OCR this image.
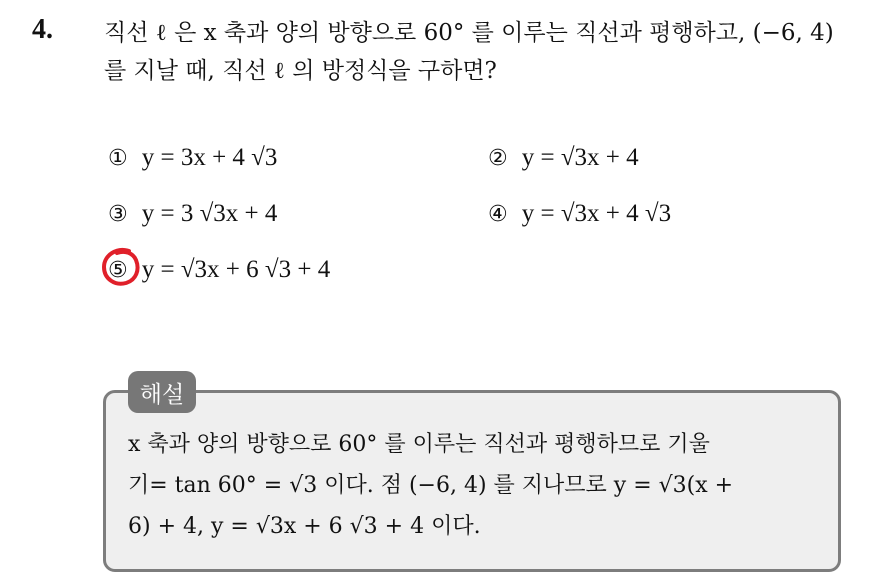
4. 직선 ℓ 은 x 축과 양의 방향으로 60° 를 이루는 직선과 평행하고, (−6, 4)
를 지날 때, 직선 ℓ 의 방정식을 구하면?
① y = 3x + 4 √3	② y = √3x + 4
③ y = 3 √3x + 4	④ y = √3x + 4 √3
⑤ y = √3x + 6 √3 + 4
해설
x 축과 양의 방향으로 60° 를 이루는 직선과 평행하므로 기울
기= tan 60° = √3 이다. 점 (−6, 4) 를 지나므로 y = √3(x +
6) + 4, y = √3x + 6 √3 + 4 이다.
